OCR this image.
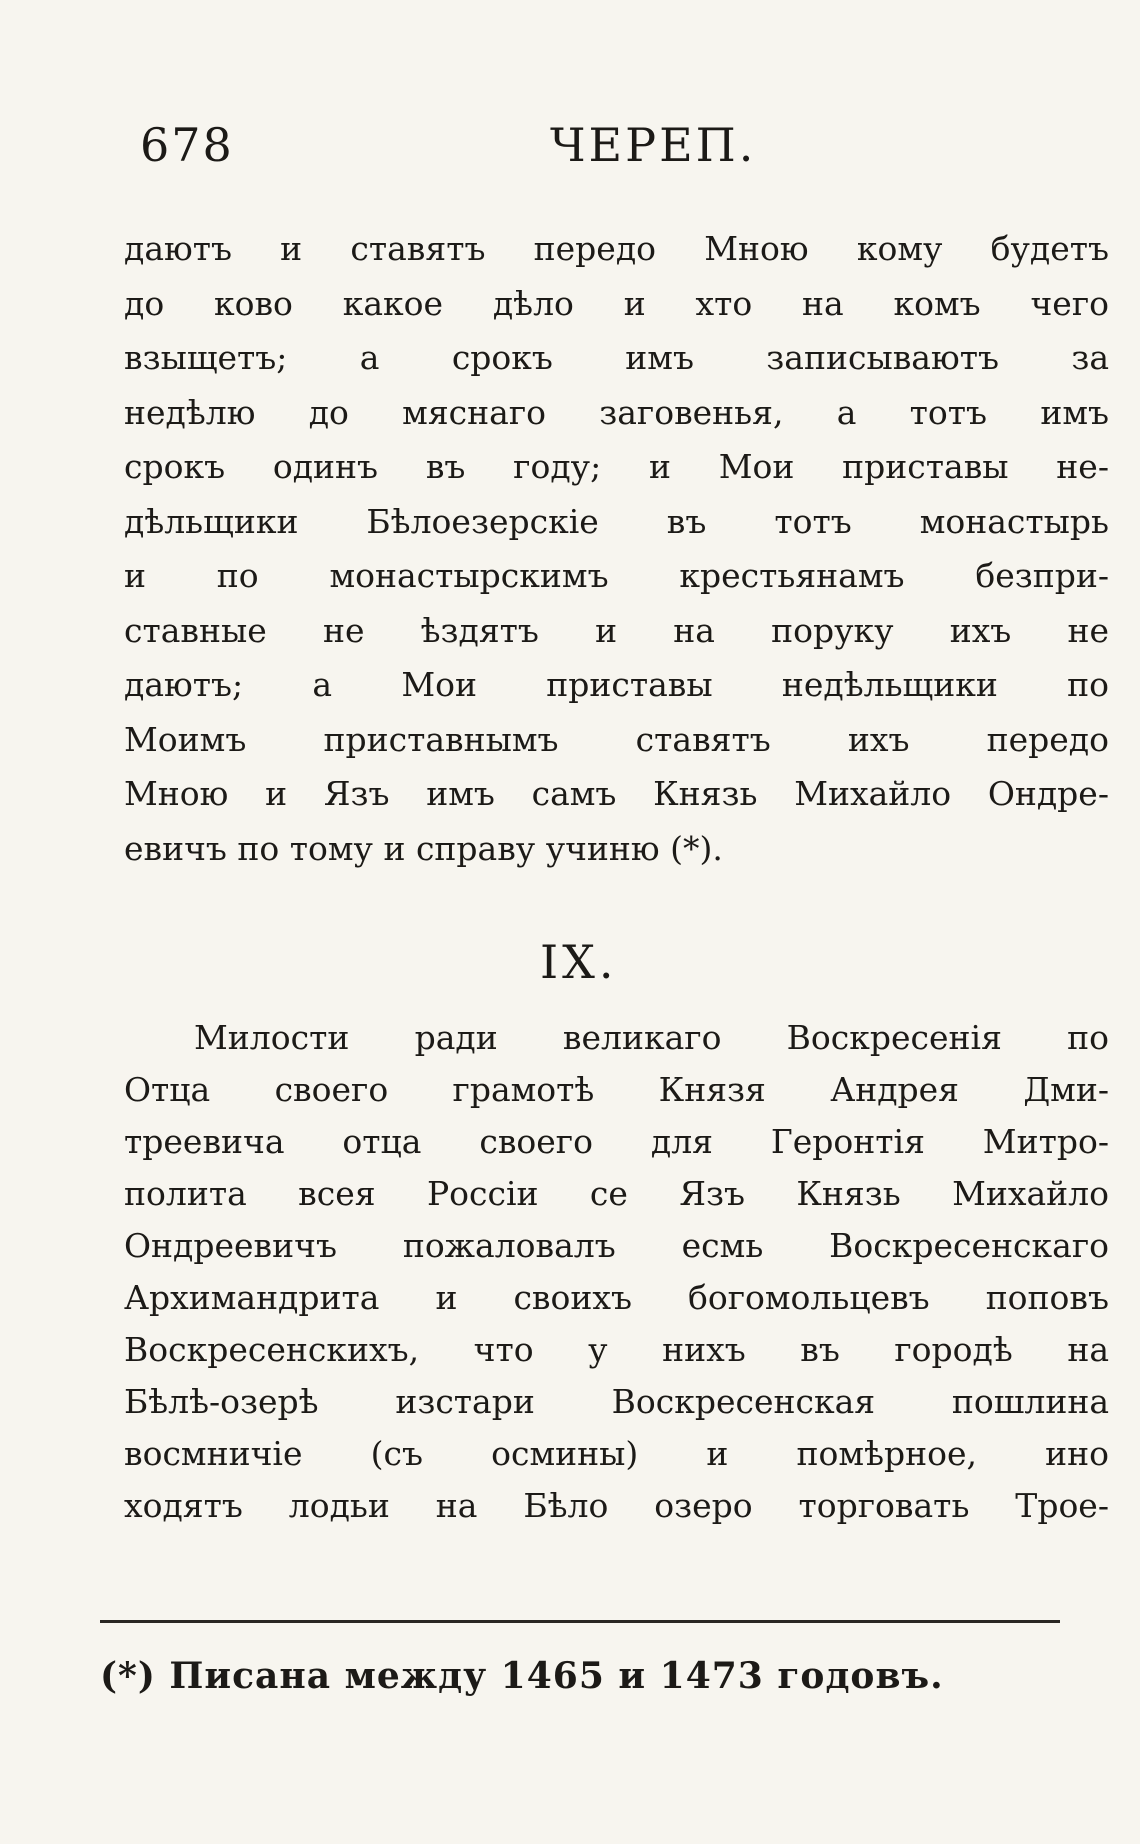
678	ЧЕРЕП.
даютъ и ставятъ передо Мною кому будетъ
до ково какое дѣло и хто на комъ чего
взыщетъ; а срокъ имъ записываютъ за
недѣлю до мяснаго заговенья, а тотъ имъ
срокъ одинъ въ году; и Мои приставы не-
дѣльщики Бѣлоезерскіе въ тотъ монастырь
и по монастырскимъ крестьянамъ безпри-
ставные не ѣздятъ и на поруку ихъ не
даютъ; а Мои приставы недѣльщики по
Моимъ приставнымъ ставятъ ихъ передо
Мною и Язъ имъ самъ Князь Михайло Ондре-
евичъ по тому и справу учиню (*).
IX.
Милости ради великаго Воскресенія по
Отца своего грамотѣ Князя Андрея Дми-
треевича отца своего для Геронтія Митро-
полита всея Россіи се Язъ Князь Михайло
Ондреевичъ пожаловалъ есмь Воскресенскаго
Архимандрита и своихъ богомольцевъ поповъ
Воскресенскихъ, что у нихъ въ городѣ на
Бѣлѣ-озерѣ изстари Воскресенская пошлина
восмничіе (съ осмины) и помѣрное, ино
ходятъ лодьи на Бѣло озеро торговать Трое-
(*) Писана между 1465 и 1473 годовъ.
